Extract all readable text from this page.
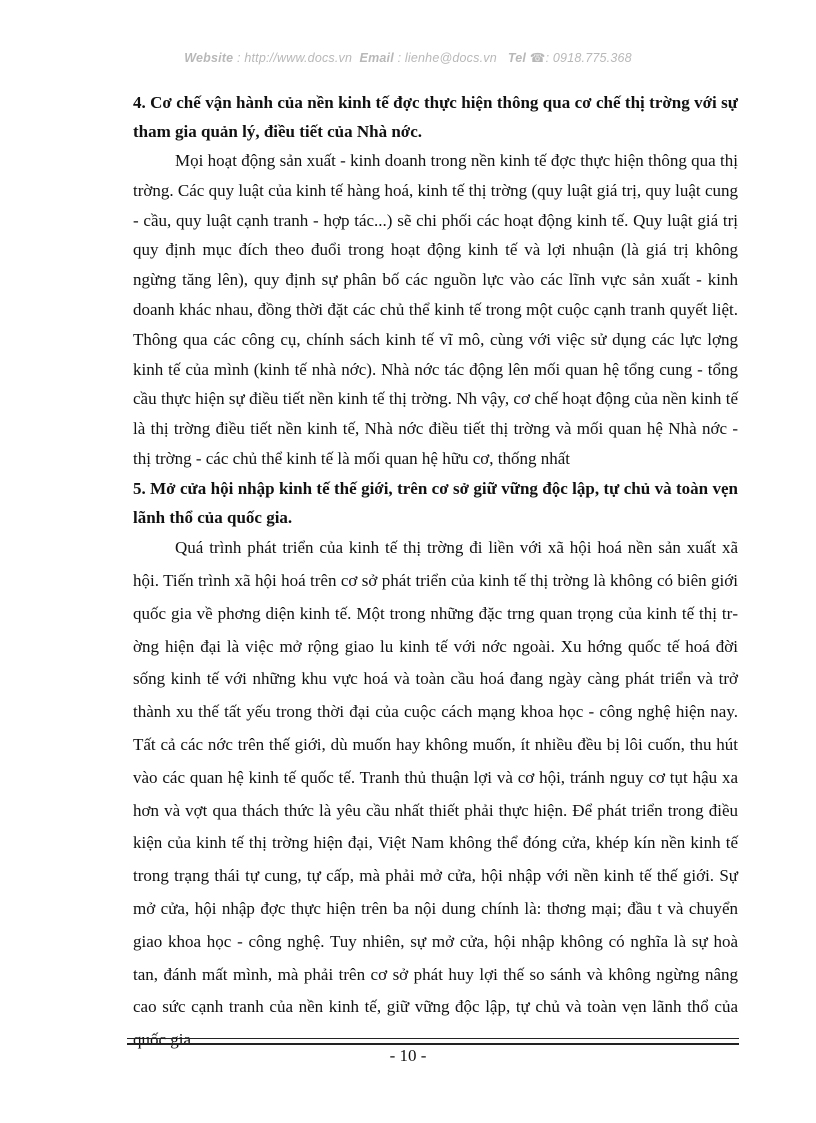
Website : http://www.docs.vn Email : lienhe@docs.vn Tel ☎: 0918.775.368

4. Cơ chế vận hành của nền kinh tế đợc thực hiện thông qua cơ chế thị trờng với sự tham gia quản lý, điều tiết của Nhà nớc.

Mọi hoạt động sản xuất - kinh doanh trong nền kinh tế đợc thực hiện thông qua thị trờng. Các quy luật của kinh tế hàng hoá, kinh tế thị trờng (quy luật giá trị, quy luật cung - cầu, quy luật cạnh tranh - hợp tác...) sẽ chi phối các hoạt động kinh tế. Quy luật giá trị quy định mục đích theo đuổi trong hoạt động kinh tế và lợi nhuận (là giá trị không ngừng tăng lên), quy định sự phân bố các nguồn lực vào các lĩnh vực sản xuất - kinh doanh khác nhau, đồng thời đặt các chủ thể kinh tế trong một cuộc cạnh tranh quyết liệt. Thông qua các công cụ, chính sách kinh tế vĩ mô, cùng với việc sử dụng các lực lợng kinh tế của mình (kinh tế nhà nớc). Nhà nớc tác động lên mối quan hệ tổng cung - tổng cầu thực hiện sự điều tiết nền kinh tế thị trờng. Nh vậy, cơ chế hoạt động của nền kinh tế là thị trờng điều tiết nền kinh tế, Nhà nớc điều tiết thị trờng và mối quan hệ Nhà nớc - thị trờng - các chủ thể kinh tế là mối quan hệ hữu cơ, thống nhất

5. Mở cửa hội nhập kinh tế thế giới, trên cơ sở giữ vững độc lập, tự chủ và toàn vẹn lãnh thổ của quốc gia.

Quá trình phát triển của kinh tế thị trờng đi liền với xã hội hoá nền sản xuất xã hội. Tiến trình xã hội hoá trên cơ sở phát triển của kinh tế thị trờng là không có biên giới quốc gia về phơng diện kinh tế. Một trong những đặc trng quan trọng của kinh tế thị trờng hiện đại là việc mở rộng giao lu kinh tế với nớc ngoài. Xu hớng quốc tế hoá đời sống kinh tế với những khu vực hoá và toàn cầu hoá đang ngày càng phát triển và trở thành xu thế tất yếu trong thời đại của cuộc cách mạng khoa học - công nghệ hiện nay. Tất cả các nớc trên thế giới, dù muốn hay không muốn, ít nhiều đều bị lôi cuốn, thu hút vào các quan hệ kinh tế quốc tế. Tranh thủ thuận lợi và cơ hội, tránh nguy cơ tụt hậu xa hơn và vợt qua thách thức là yêu cầu nhất thiết phải thực hiện. Để phát triển trong điều kiện của kinh tế thị trờng hiện đại, Việt Nam không thể đóng cửa, khép kín nền kinh tế trong trạng thái tự cung, tự cấp, mà phải mở cửa, hội nhập với nền kinh tế thế giới. Sự mở cửa, hội nhập đợc thực hiện trên ba nội dung chính là: thơng mại; đầu t và chuyển giao khoa học - công nghệ. Tuy nhiên, sự mở cửa, hội nhập không có nghĩa là sự hoà tan, đánh mất mình, mà phải trên cơ sở phát huy lợi thế so sánh và không ngừng nâng cao sức cạnh tranh của nền kinh tế, giữ vững độc lập, tự chủ và toàn vẹn lãnh thổ của quốc gia.

- 10 -
